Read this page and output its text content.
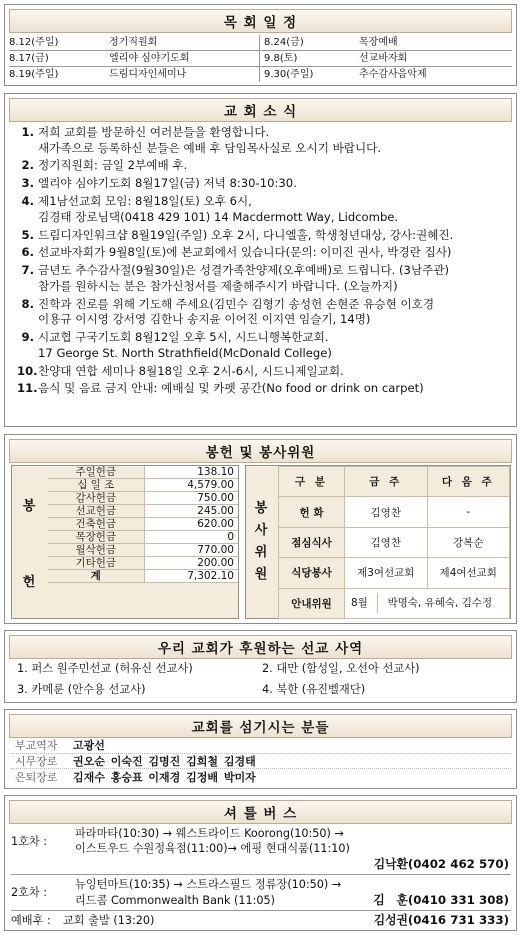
목 회 일 정
8.12(주일)	정기직원회	8.24(금)	목장예배
8.17(금)	엘리야 심야기도회	9.8(토)	선교바자회
8.19(주일)	드림디자인세미나	9.30(주일)	추수감사음악제
교 회 소 식
1. 저희 교회를 방문하신 여러분들을 환영합니다.
새가족으로 등록하신 분들은 예배 후 담임목사실로 오시기 바랍니다.
2. 정기직원회: 금일 2부예배 후.
3. 엘리야 심야기도회 8월17일(금) 저녁 8:30-10:30.
4. 제1남선교회 모임: 8월18일(토) 오후 6시,
김경태 장로님댁(0418 429 101) 14 Macdermott Way, Lidcombe.
5. 드림디자인워크샵 8월19일(주일) 오후 2시, 다니엘홀, 학생청년대상, 강사:권혜진.
6. 선교바자회가 9월8일(토)에 본교회에서 있습니다(문의: 이미진 권사, 박경란 집사)
7. 금년도 추수감사절(9월30일)은 성결가족찬양제(오후예배)로 드립니다. (3남주관)
참가를 원하시는 분은 참가신청서를 제출해주시기 바랍니다. (오늘까지)
8. 진학과 진로를 위해 기도해 주세요(김민수 김형기 송성헌 손현준 유승현 이호경
이용규 이시영 강서영 김한나 송지윤 이어진 이지연 임슬기, 14명)
9. 시교협 구국기도회 8월12일 오후 5시, 시드니행복한교회.
17 George St. North Strathfield(McDonald College)
10. 찬양대 연합 세미나 8월18일 오후 2시-6시, 시드니제일교회.
11. 음식 및 음료 금지 안내: 예배실 및 카펫 공간(No food or drink on carpet)
봉헌 및 봉사위원
봉
헌
주일헌금	138.10
십 일 조	4,579.00
감사헌금	750.00
선교헌금	245.00
건축헌금	620.00
목장헌금	0
월삭헌금	770.00
기타헌금	200.00
계	7,302.10
봉
사
위
원
구 분	금 주	다 음 주
헌 화	김영찬	-
점심식사	김영찬	강복순
식당봉사	제3여선교회	제4여선교회
안내위원	8월 박명숙, 유혜숙, 김수정	
우리 교회가 후원하는 선교 사역
1. 퍼스 원주민선교 (허유신 선교사)	2. 대만 (함성일, 오선아 선교사)
3. 카메룬 (안수용 선교사)	4. 북한 (유진벨재단)
교회를 섬기시는 분들
부교역자	고광선
시무장로	권오순 이숙진 김명진 김희철 김경태
은퇴장로	김재수 홍승표 이재경 김정배 박미자
셔 틀 버 스
1호차 :
파라마타(10:30) → 웨스트라이드 Koorong(10:50) →
이스트우드 수원정육점(11:00)→ 에핑 현대식품(11:10)
김낙환(0402 462 570)
2호차 :
뉴잉턴마트(10:35) → 스트라스필드 정류장(10:50) →
리드콤 Commonwealth Bank (11:05)	김　훈(0410 331 308)
예배후 : 교회 출발 (13:20)	김성권(0416 731 333)
